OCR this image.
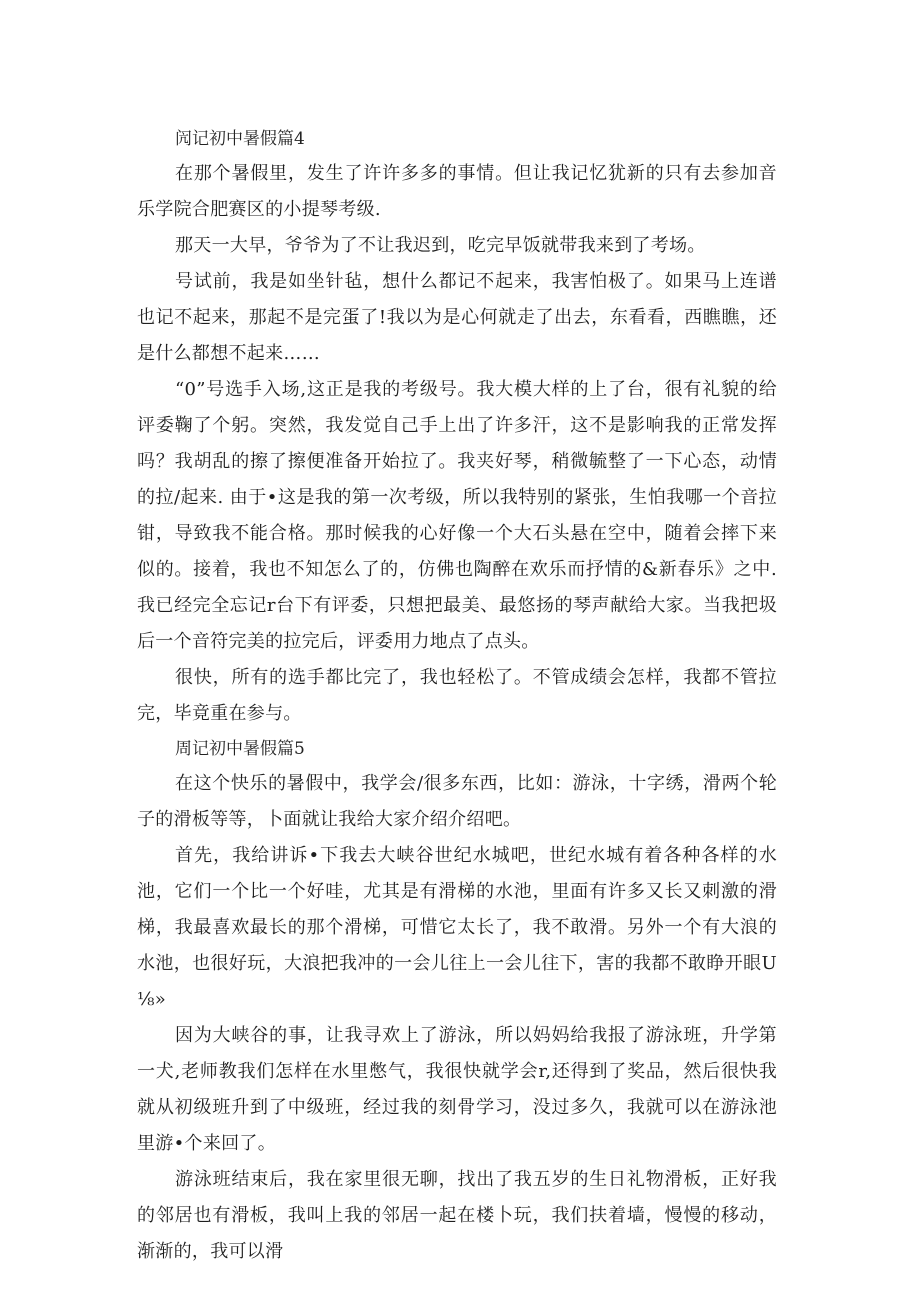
闶记初中暑假篇4

在那个暑假里，发生了许许多多的事情。但让我记忆犹新的只有去参加音乐学院合肥赛区的小提琴考级.

那天一大早，爷爷为了不让我迟到，吃完早饭就带我来到了考场。

号试前，我是如坐针毡，想什么都记不起来，我害怕极了。如果马上连谱也记不起来，那起不是完蛋了!我以为是心何就走了出去，东看看，西瞧瞧，还是什么都想不起来……

“0”号选手入场,这正是我的考级号。我大模大样的上了台，很有礼貌的给评委鞠了个躬。突然，我发觉自己手上出了许多汗，这不是影响我的正常发挥吗？我胡乱的擦了擦便准备开始拉了。我夹好琴，稍微毓整了一下心态，动情的拉/起来. 由于•这是我的第一次考级，所以我特别的紧张，生怕我哪一个音拉钳，导致我不能合格。那时候我的心好像一个大石头悬在空中，随着会摔下来似的。接着，我也不知怎么了的，仿佛也陶醉在欢乐而抒情的&新春乐》之中. 我已经完全忘记r台下有评委，只想把最美、最悠扬的琴声献给大家。当我把圾后一个音符完美的拉完后，评委用力地点了点头。

很快，所有的选手都比完了，我也轻松了。不管成绩会怎样，我都不管拉完，毕竟重在参与。

周记初中暑假篇5

在这个快乐的暑假中，我学会/很多东西，比如：游泳，十字绣，滑两个轮子的滑板等等，卜面就让我给大家介绍介绍吧。

首先，我给讲诉•下我去大峡谷世纪水城吧，世纪水城有着各种各样的水池，它们一个比一个好哇，尤其是有滑梯的水池，里面有许多又长又刺激的滑梯，我最喜欢最长的那个滑梯，可惜它太长了，我不敢滑。另外一个有大浪的水池，也很好玩，大浪把我冲的一会儿往上一会儿往下，害的我都不敢睁开眼U⅛»

因为大峡谷的事，让我寻欢上了游泳，所以妈妈给我报了游泳班，升学第一犬,老师教我们怎样在水里憋气，我很快就学会r,还得到了奖品，然后很快我就从初级班升到了中级班，经过我的刻骨学习，没过多久，我就可以在游泳池里游•个来回了。

游泳班结束后，我在家里很无聊，找出了我五岁的生日礼物滑板，正好我的邻居也有滑板，我叫上我的邻居一起在楼卜玩，我们扶着墙，慢慢的移动，渐渐的，我可以滑
